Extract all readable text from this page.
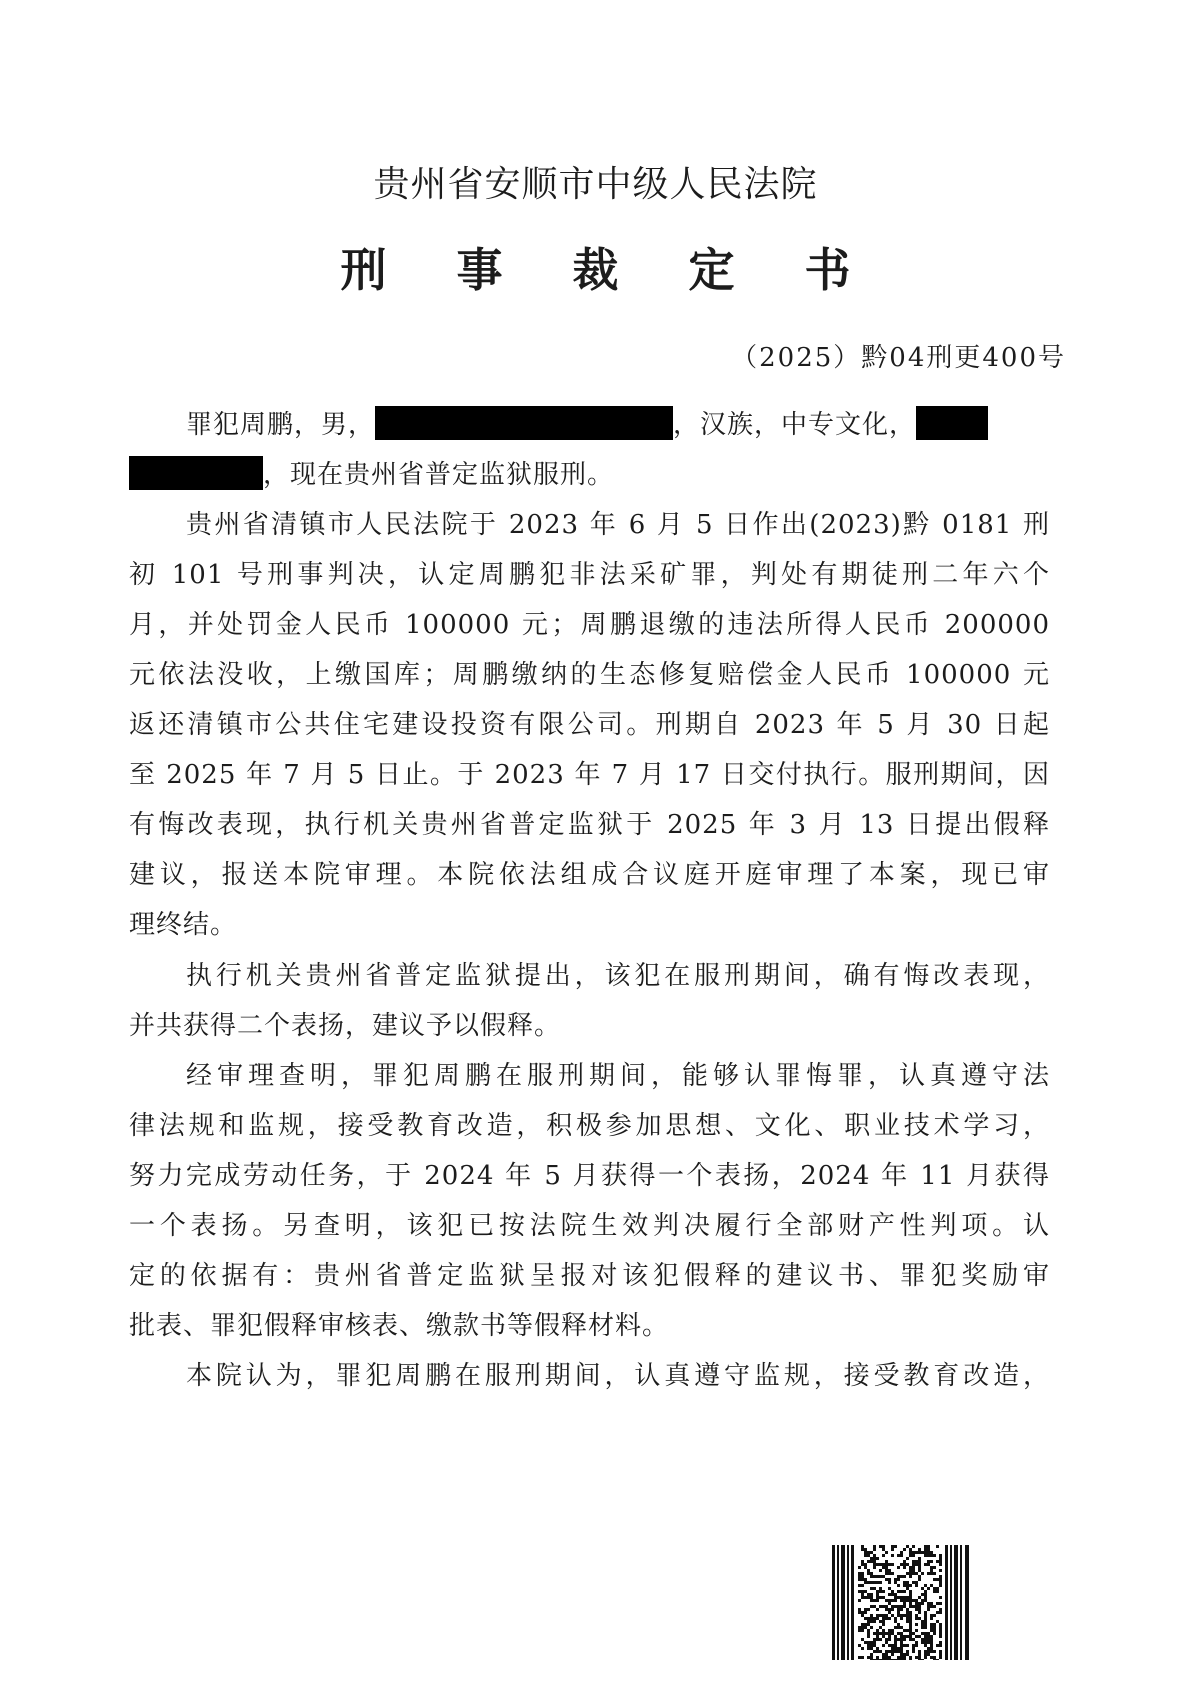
贵州省安顺市中级人民法院
刑事裁定书
（2025）黔04刑更400号
罪犯周鹏，男，	，汉族，中专文化，
，现在贵州省普定监狱服刑。
贵州省清镇市人民法院于 2023 年 6 月 5 日作出(2023)黔 0181 刑
初 101 号刑事判决，认定周鹏犯非法采矿罪，判处有期徒刑二年六个
月，并处罚金人民币 100000 元；周鹏退缴的违法所得人民币 200000
元依法没收，上缴国库；周鹏缴纳的生态修复赔偿金人民币 100000 元
返还清镇市公共住宅建设投资有限公司。刑期自 2023 年 5 月 30 日起
至 2025 年 7 月 5 日止。于 2023 年 7 月 17 日交付执行。服刑期间，因
有悔改表现，执行机关贵州省普定监狱于 2025 年 3 月 13 日提出假释
建议，报送本院审理。本院依法组成合议庭开庭审理了本案，现已审
理终结。
执行机关贵州省普定监狱提出，该犯在服刑期间，确有悔改表现，
并共获得二个表扬，建议予以假释。
经审理查明，罪犯周鹏在服刑期间，能够认罪悔罪，认真遵守法
律法规和监规，接受教育改造，积极参加思想、文化、职业技术学习，
努力完成劳动任务，于 2024 年 5 月获得一个表扬，2024 年 11 月获得
一个表扬。另查明，该犯已按法院生效判决履行全部财产性判项。认
定的依据有：贵州省普定监狱呈报对该犯假释的建议书、罪犯奖励审
批表、罪犯假释审核表、缴款书等假释材料。
本院认为，罪犯周鹏在服刑期间，认真遵守监规，接受教育改造，
